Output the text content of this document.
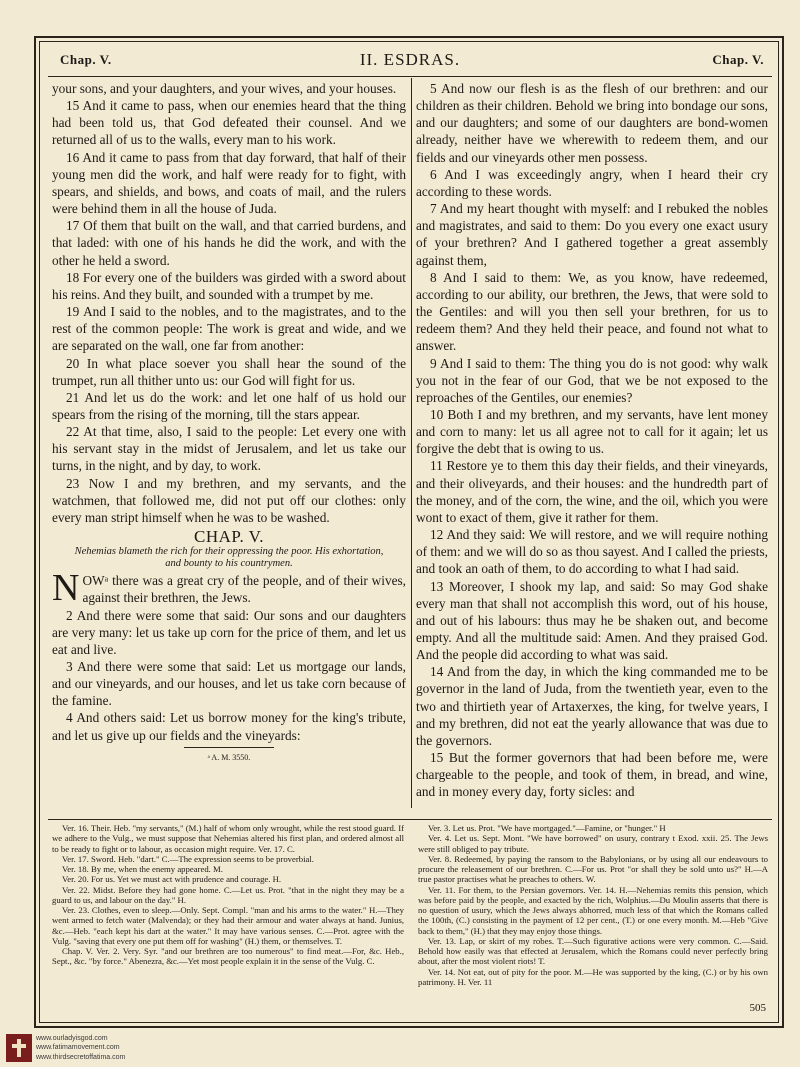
Chap. V.	II. ESDRAS.	Chap. V.

your sons, and your daughters, and your wives, and your houses.

15 And it came to pass, when our enemies heard that the thing had been told us, that God defeated their counsel. And we returned all of us to the walls, every man to his work.

16 And it came to pass from that day forward, that half of their young men did the work, and half were ready for to fight, with spears, and shields, and bows, and coats of mail, and the rulers were behind them in all the house of Juda.

17 Of them that built on the wall, and that carried burdens, and that laded: with one of his hands he did the work, and with the other he held a sword.

18 For every one of the builders was girded with a sword about his reins. And they built, and sounded with a trumpet by me.

19 And I said to the nobles, and to the magistrates, and to the rest of the common people: The work is great and wide, and we are separated on the wall, one far from another:

20 In what place soever you shall hear the sound of the trumpet, run all thither unto us: our God will fight for us.

21 And let us do the work: and let one half of us hold our spears from the rising of the morning, till the stars appear.

22 At that time, also, I said to the people: Let every one with his servant stay in the midst of Jerusalem, and let us take our turns, in the night, and by day, to work.

23 Now I and my brethren, and my servants, and the watchmen, that followed me, did not put off our clothes: only every man stript himself when he was to be washed.

CHAP. V.
Nehemias blameth the rich for their oppressing the poor. His exhortation,
and bounty to his countrymen.

NOWᵃ there was a great cry of the people, and of their wives, against their brethren, the Jews.

2 And there were some that said: Our sons and our daughters are very many: let us take up corn for the price of them, and let us eat and live.

3 And there were some that said: Let us mortgage our lands, and our vineyards, and our houses, and let us take corn because of the famine.

4 And others said: Let us borrow money for the king's tribute, and let us give up our fields and the vineyards:

ᵃ A. M. 3550.

5 And now our flesh is as the flesh of our brethren: and our children as their children. Behold we bring into bondage our sons, and our daughters; and some of our daughters are bond-women already, neither have we wherewith to redeem them, and our fields and our vineyards other men possess.

6 And I was exceedingly angry, when I heard their cry according to these words.

7 And my heart thought with myself: and I rebuked the nobles and magistrates, and said to them: Do you every one exact usury of your brethren? And I gathered together a great assembly against them,

8 And I said to them: We, as you know, have redeemed, according to our ability, our brethren, the Jews, that were sold to the Gentiles: and will you then sell your brethren, for us to redeem them? And they held their peace, and found not what to answer.

9 And I said to them: The thing you do is not good: why walk you not in the fear of our God, that we be not exposed to the reproaches of the Gentiles, our enemies?

10 Both I and my brethren, and my servants, have lent money and corn to many: let us all agree not to call for it again; let us forgive the debt that is owing to us.

11 Restore ye to them this day their fields, and their vineyards, and their oliveyards, and their houses: and the hundredth part of the money, and of the corn, the wine, and the oil, which you were wont to exact of them, give it rather for them.

12 And they said: We will restore, and we will require nothing of them: and we will do so as thou sayest. And I called the priests, and took an oath of them, to do according to what I had said.

13 Moreover, I shook my lap, and said: So may God shake every man that shall not accomplish this word, out of his house, and out of his labours: thus may he be shaken out, and become empty. And all the multitude said: Amen. And they praised God. And the people did according to what was said.

14 And from the day, in which the king commanded me to be governor in the land of Juda, from the twentieth year, even to the two and thirtieth year of Artaxerxes, the king, for twelve years, I and my brethren, did not eat the yearly allowance that was due to the governors.

15 But the former governors that had been before me, were chargeable to the people, and took of them, in bread, and wine, and in money every day, forty sicles: and

Ver. 16. Their. Heb. "my servants," (M.) half of whom only wrought, while the rest stood guard. If we adhere to the Vulg., we must suppose that Nehemias altered his first plan, and ordered almost all to be ready to fight or to labour, as occasion might require. Ver. 17. C.

Ver. 17. Sword. Heb. "dart." C.—The expression seems to be proverbial.

Ver. 18. By me, when the enemy appeared. M.

Ver. 20. For us. Yet we must act with prudence and courage. H.

Ver. 22. Midst. Before they had gone home. C.—Let us. Prot. "that in the night they may be a guard to us, and labour on the day." H.

Ver. 23. Clothes, even to sleep.—Only. Sept. Compl. "man and his arms to the water." H.—They went armed to fetch water (Malvenda); or they had their armour and water always at hand. Junius, &c.—Heb. "each kept his dart at the water." It may have various senses. C.—Prot. agree with the Vulg. "saving that every one put them off for washing" (H.) them, or themselves. T.

Chap. V. Ver. 2. Very. Syr. "and our brethren are too numerous" to find meat.—For, &c. Heb., Sept., &c. "by force." Abenezra, &c.—Yet most people explain it in the sense of the Vulg. C.

Ver. 3. Let us. Prot. "We have mortgaged."—Famine, or "hunger." H

Ver. 4. Let us. Sept. Mont. "We have borrowed" on usury, contrary t Exod. xxii. 25. The Jews were still obliged to pay tribute.

Ver. 8. Redeemed, by paying the ransom to the Babylonians, or by using all our endeavours to procure the releasement of our brethren. C.—For us. Prot "or shall they be sold unto us?" H.—A true pastor practises what he preaches to others. W.

Ver. 11. For them, to the Persian governors. Ver. 14. H.—Nehemias remits this pension, which was before paid by the people, and exacted by the rich, Wolphius.—Du Moulin asserts that there is no question of usury, which the Jews always abhorred, much less of that which the Romans called the 100th, (C.) consisting in the payment of 12 per cent., (T.) or one every month. M.—Heb "Give back to them," (H.) that they may enjoy those things.

Ver. 13. Lap, or skirt of my robes. T.—Such figurative actions were very common. C.—Said. Behold how easily was that effected at Jerusalem, which the Romans could never perfectly bring about, after the most violent riots! T.

Ver. 14. Not eat, out of pity for the poor. M.—He was supported by the king, (C.) or by his own patrimony. H. Ver. 11

505
www.ourladyisgod.com
www.fatimamovement.com
www.thirdsecretoffatima.com
